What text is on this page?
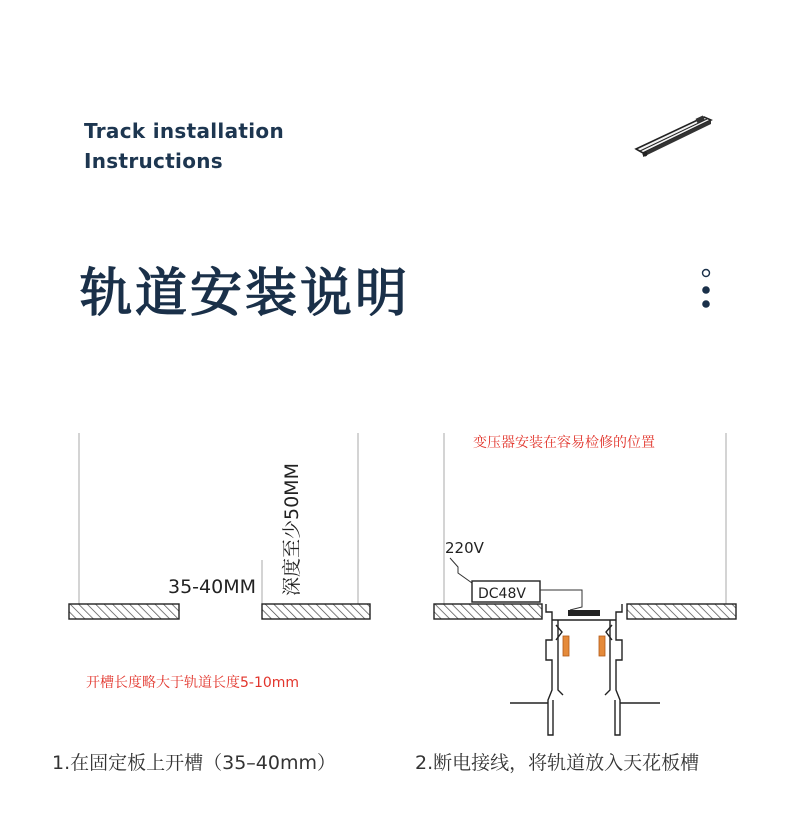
Track installation
Instructions
轨道安装说明
35-40MM 深度至少50MM
开槽长度略大于轨道长度5-10mm
变压器安装在容易检修的位置
220V
DC48V
1.在固定板上开槽（35–40mm）	2.断电接线，将轨道放入天花板槽
